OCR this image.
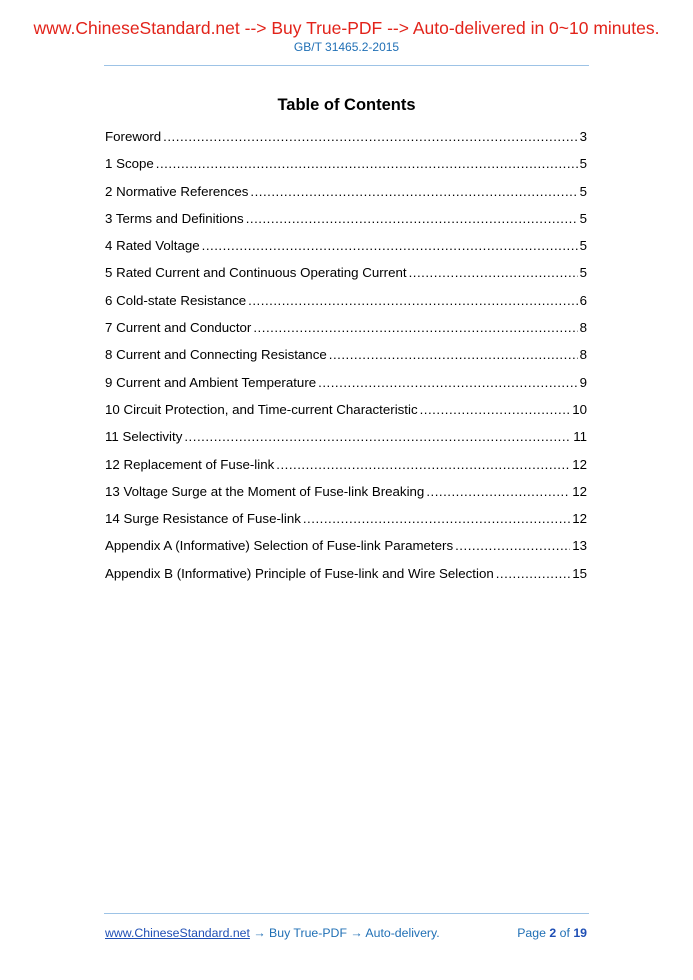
www.ChineseStandard.net --> Buy True-PDF --> Auto-delivered in 0~10 minutes.
GB/T 31465.2-2015
Table of Contents
Foreword .....	3
1 Scope .....	5
2 Normative References .....	5
3 Terms and Definitions .....	5
4 Rated Voltage .....	5
5 Rated Current and Continuous Operating Current .....	5
6 Cold-state Resistance .....	6
7 Current and Conductor .....	8
8 Current and Connecting Resistance .....	8
9 Current and Ambient Temperature .....	9
10 Circuit Protection, and Time-current Characteristic .....	10
11 Selectivity .....	11
12 Replacement of Fuse-link .....	12
13 Voltage Surge at the Moment of Fuse-link Breaking .....	12
14 Surge Resistance of Fuse-link .....	12
Appendix A (Informative) Selection of Fuse-link Parameters .....	13
Appendix B (Informative) Principle of Fuse-link and Wire Selection .....	15
www.ChineseStandard.net → Buy True-PDF → Auto-delivery.	Page 2 of 19
